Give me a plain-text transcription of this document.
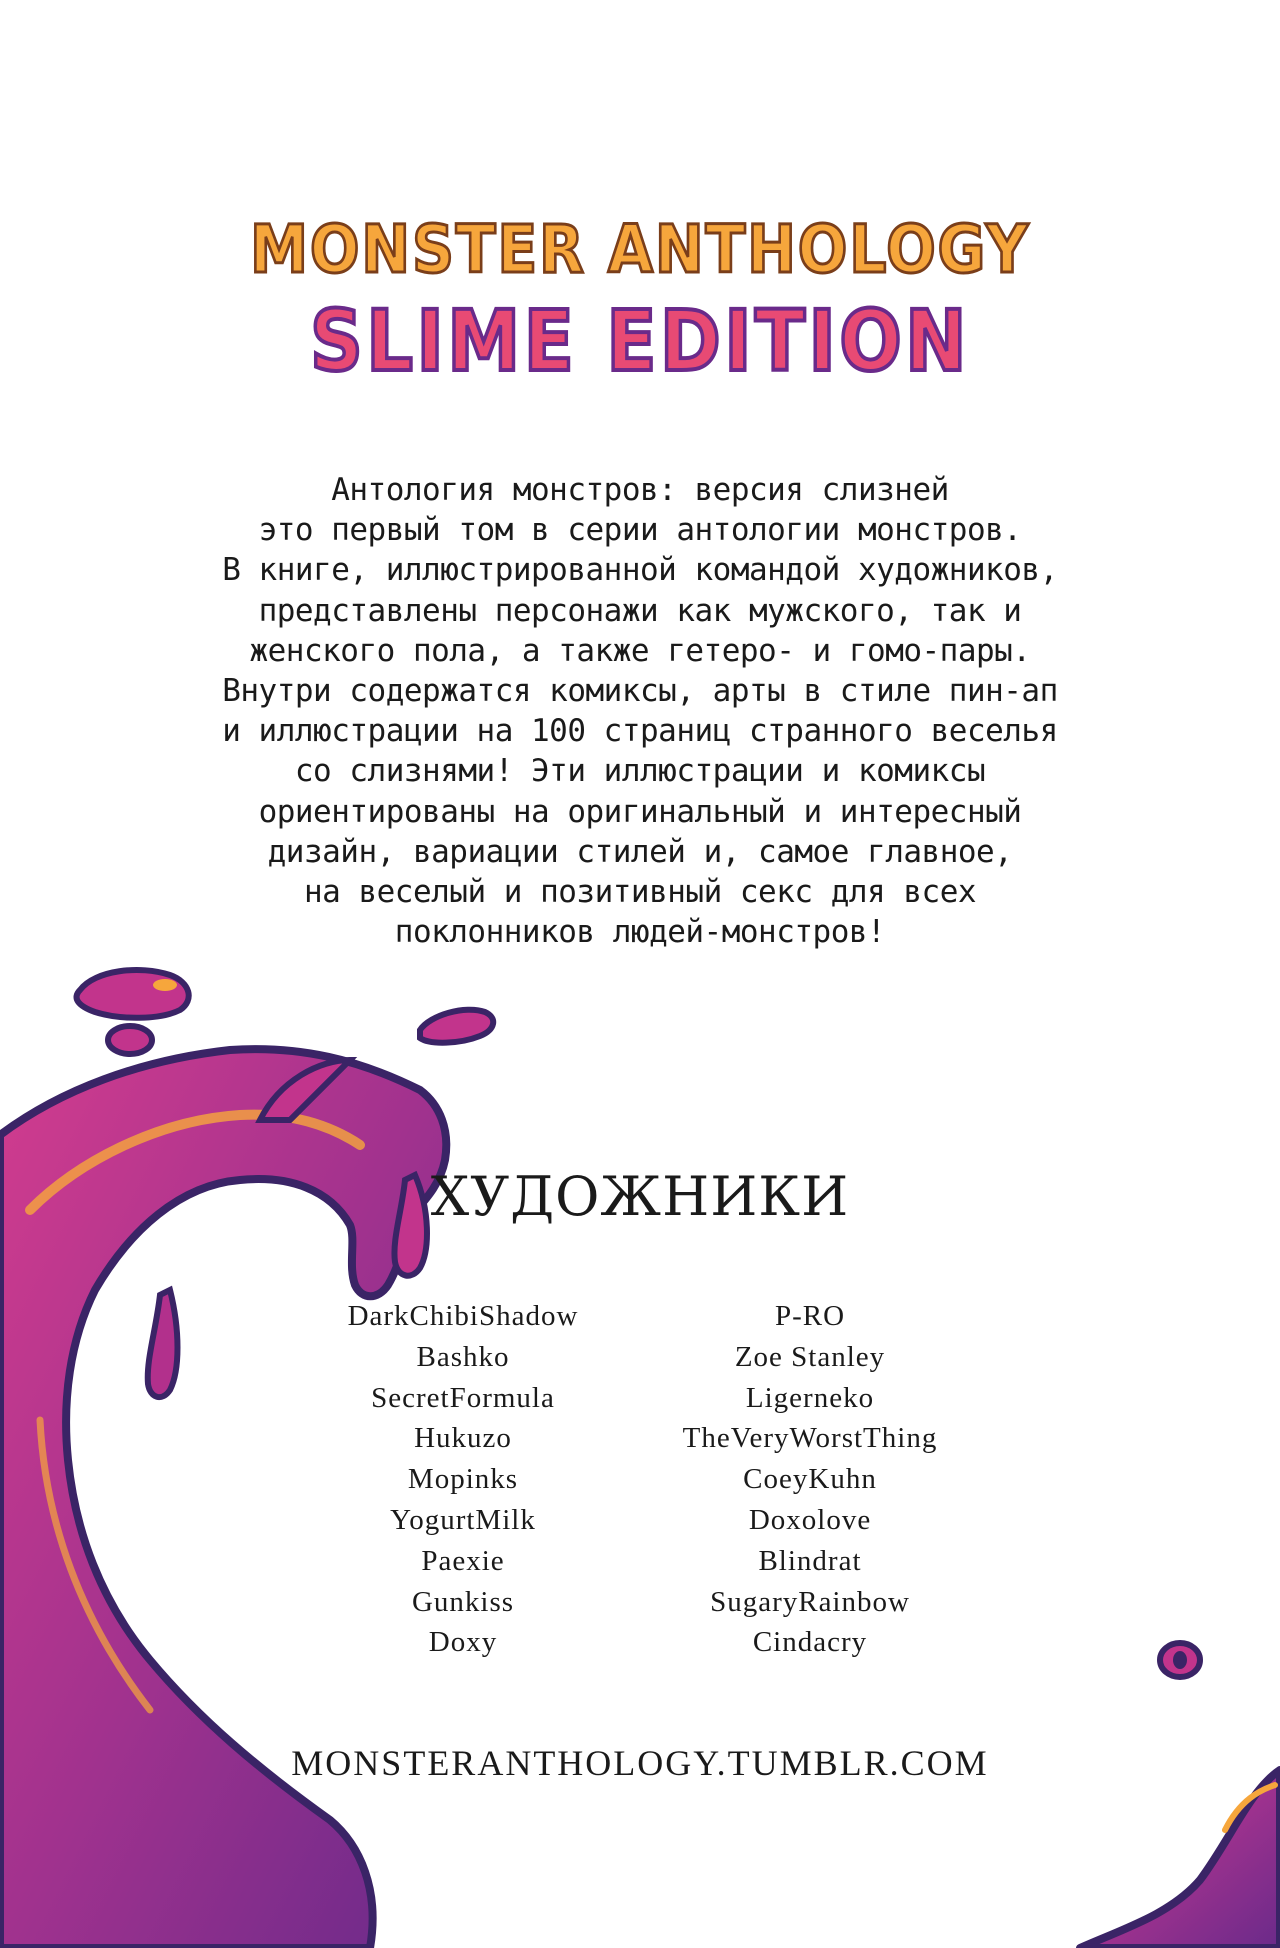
MONSTER ANTHOLOGY
SLIME EDITION
Антология монстров: версия слизней
это первый том в серии антологии монстров.
В книге, иллюстрированной командой художников,
представлены персонажи как мужского, так и
женского пола, а также гетеро- и гомо-пары.
Внутри содержатся комиксы, арты в стиле пин-ап
и иллюстрации на 100 страниц странного веселья
со слизнями! Эти иллюстрации и комиксы
ориентированы на оригинальный и интересный
дизайн, вариации стилей и, самое главное,
на веселый и позитивный секс для всех
поклонников людей-монстров!
ХУДОЖНИКИ
DarkChibiShadow
Bashko
SecretFormula
Hukuzo
Mopinks
YogurtMilk
Paexie
Gunkiss
Doxy
P-RO
Zoe Stanley
Ligerneko
TheVeryWorstThing
CoeyKuhn
Doxolove
Blindrat
SugaryRainbow
Cindacry
MONSTERANTHOLOGY.TUMBLR.COM
